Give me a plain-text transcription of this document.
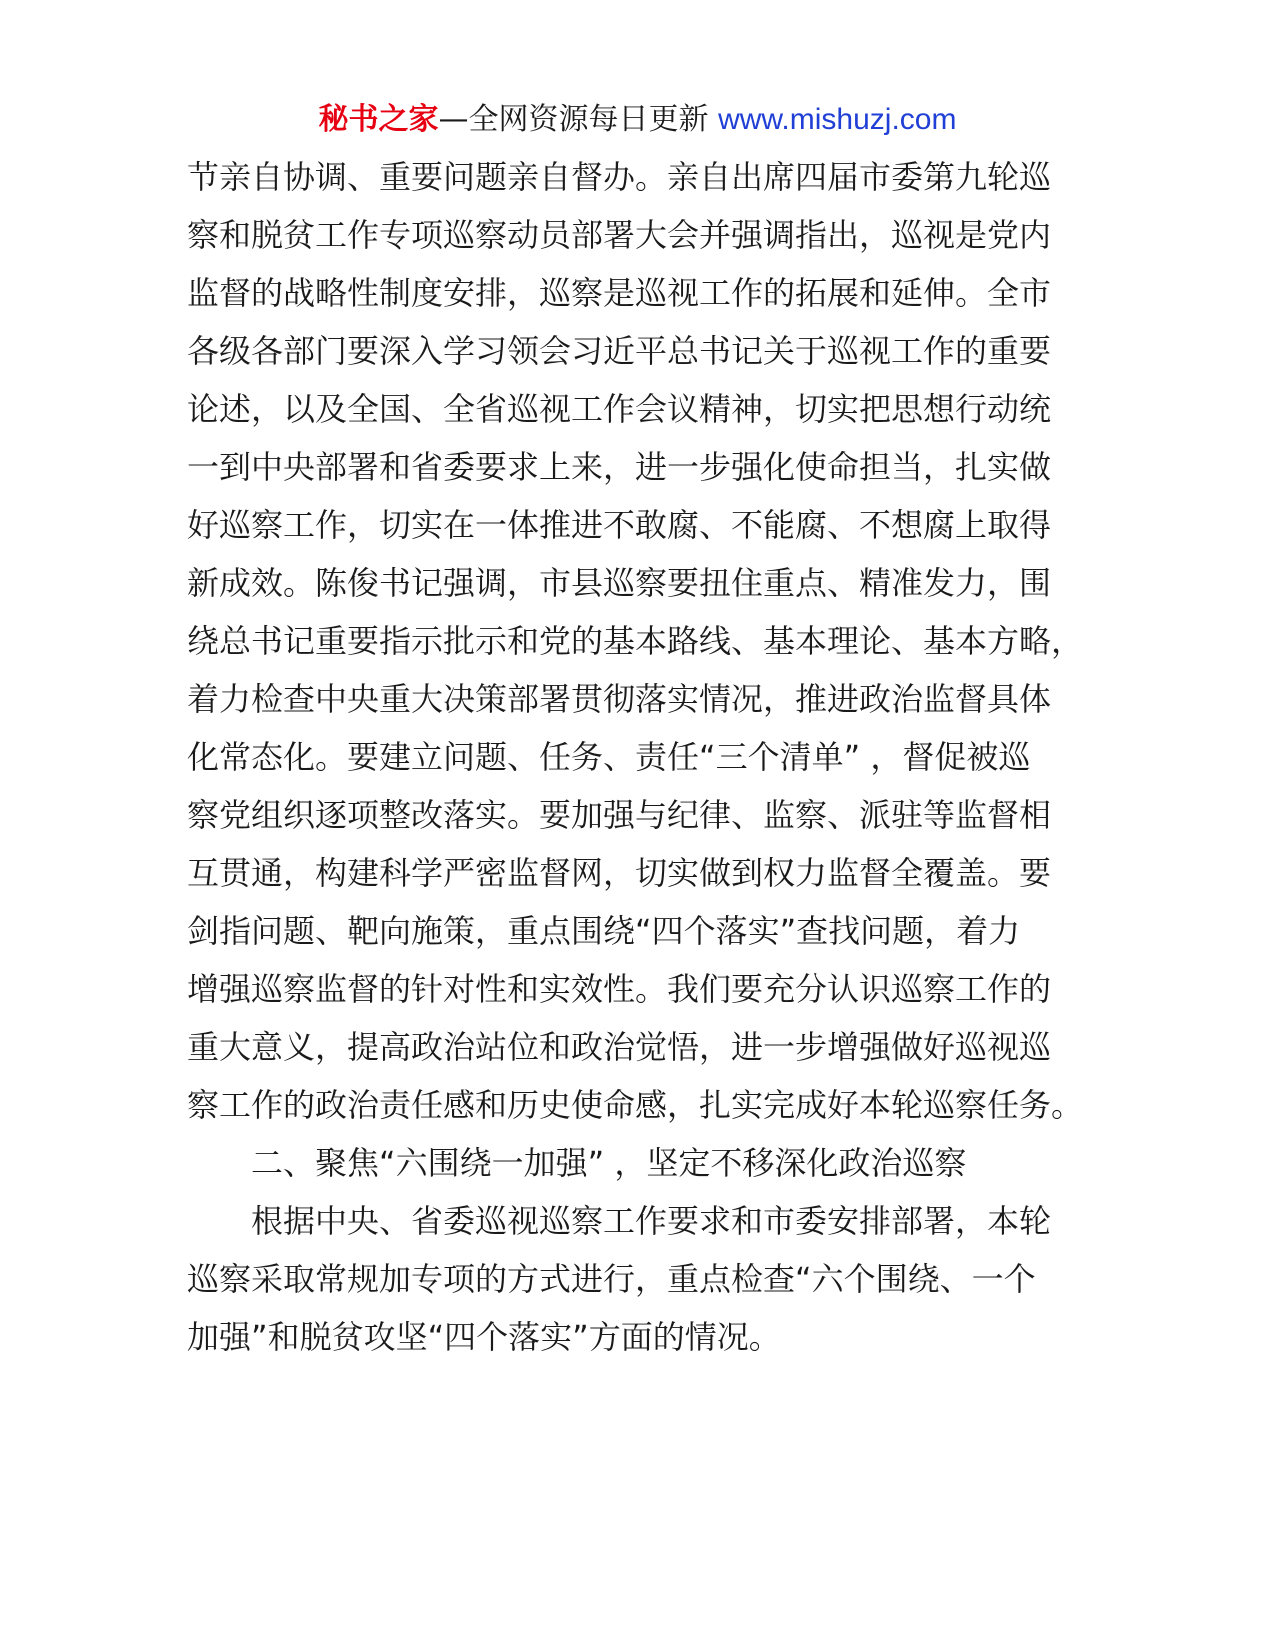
秘书之家—全网资源每日更新 www.mishuzj.com
节亲自协调、重要问题亲自督办。亲自出席四届市委第九轮巡
察和脱贫工作专项巡察动员部署大会并强调指出，巡视是党内
监督的战略性制度安排，巡察是巡视工作的拓展和延伸。全市
各级各部门要深入学习领会习近平总书记关于巡视工作的重要
论述，以及全国、全省巡视工作会议精神，切实把思想行动统
一到中央部署和省委要求上来，进一步强化使命担当，扎实做
好巡察工作，切实在一体推进不敢腐、不能腐、不想腐上取得
新成效。陈俊书记强调，市县巡察要扭住重点、精准发力，围
绕总书记重要指示批示和党的基本路线、基本理论、基本方略，
着力检查中央重大决策部署贯彻落实情况，推进政治监督具体
化常态化。要建立问题、任务、责任“三个清单” ，督促被巡
察党组织逐项整改落实。要加强与纪律、监察、派驻等监督相
互贯通，构建科学严密监督网，切实做到权力监督全覆盖。要
剑指问题、靶向施策，重点围绕“四个落实”查找问题，着力
增强巡察监督的针对性和实效性。我们要充分认识巡察工作的
重大意义，提高政治站位和政治觉悟，进一步增强做好巡视巡
察工作的政治责任感和历史使命感，扎实完成好本轮巡察任务。
二、聚焦“六围绕一加强” ，坚定不移深化政治巡察
根据中央、省委巡视巡察工作要求和市委安排部署，本轮
巡察采取常规加专项的方式进行，重点检查“六个围绕、一个
加强”和脱贫攻坚“四个落实”方面的情况。
